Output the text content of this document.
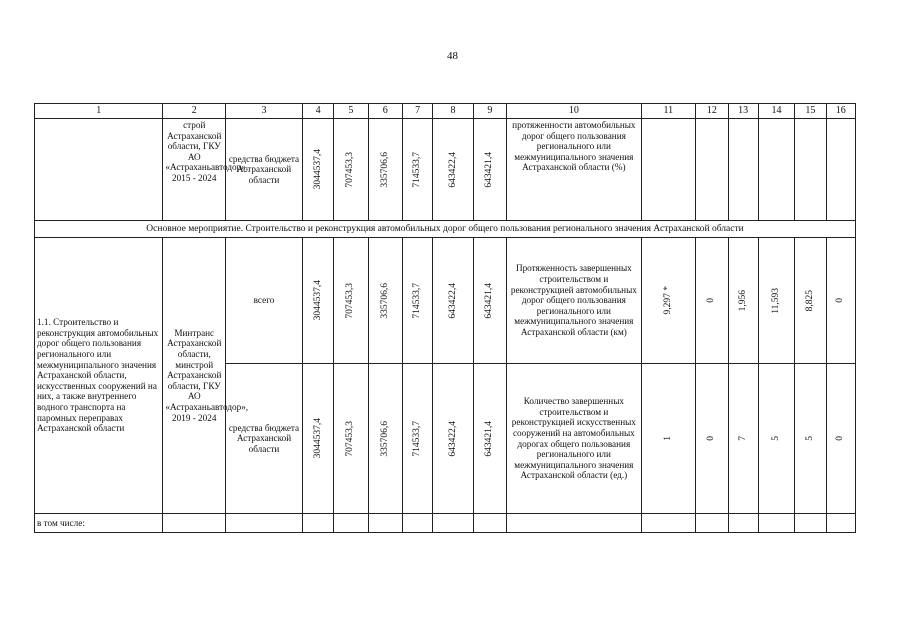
48
1	2	3	4	5	6	7	8	9	10	11	12	13	14	15	16
	строй Астраханской области, ГКУ АО «Астраханьавтодор», 2015 - 2024	средства бюджета Астраханской области	3044537,4	707453,3	335706,6	714533,7	643422,4	643421,4	протяженности автомобильных дорог общего пользования регионального или межмуниципального значения Астраханской области (%)						
Основное мероприятие. Строительство и реконструкция автомобильных дорог общего пользования регионального значения Астраханской области															
1.1. Строительство и реконструкция автомобильных дорог общего пользования регионального или межмуниципального значения Астраханской области, искусственных сооружений на них, а также внутреннего водного транспорта на паромных переправах Астраханской области	Минтранс Астраханской области, минстрой Астраханской области, ГКУ АО «Астраханьавтодор», 2019 - 2024	всего	3044537,4	707453,3	335706,6	714533,7	643422,4	643421,4	Протяженность завершенных строительством и реконструкцией автомобильных дорог общего пользования регионального или межмуниципального значения Астраханской области (км)	9,297 *	0	1,956	11,593	8,825	0

		средства бюджета Астраханской области	3044537,4	707453,3	335706,6	714533,7	643422,4	643421,4	Количество завершенных строительством и реконструкцией искусственных сооружений на автомобильных дорогах общего пользования регионального или межмуниципального значения Астраханской области (ед.)	1	0	7	5	5	0

в том числе:															
